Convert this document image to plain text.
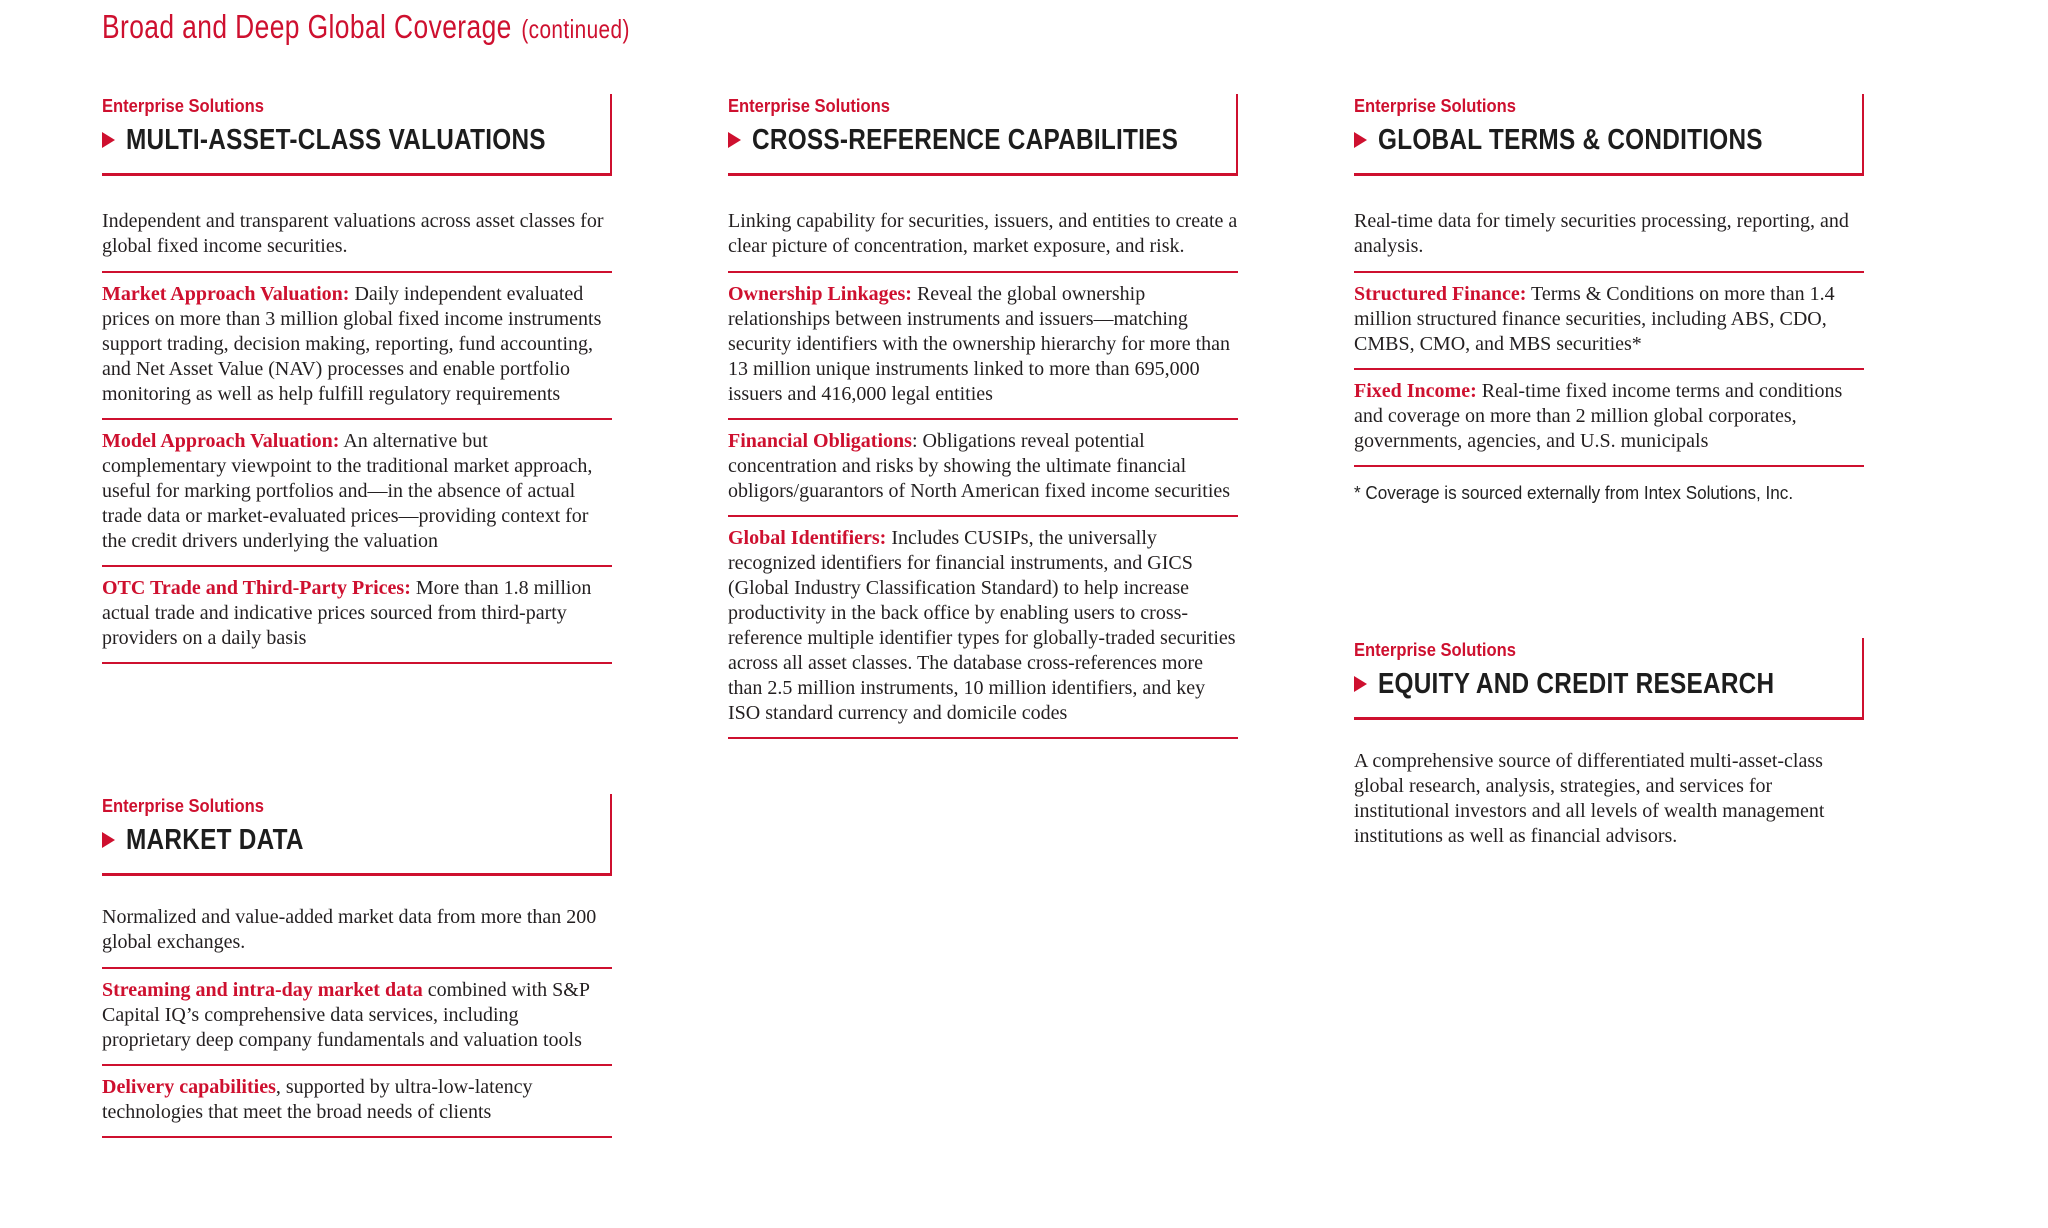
Broad and Deep Global Coverage (continued)
Enterprise Solutions
MULTI-ASSET-CLASS VALUATIONS
Independent and transparent valuations across asset classes for global fixed income securities.
Market Approach Valuation: Daily independent evaluated prices on more than 3 million global fixed income instruments support trading, decision making, reporting, fund accounting, and Net Asset Value (NAV) processes and enable portfolio monitoring as well as help fulfill regulatory requirements
Model Approach Valuation: An alternative but complementary viewpoint to the traditional market approach, useful for marking portfolios and—in the absence of actual trade data or market-evaluated prices—providing context for the credit drivers underlying the valuation
OTC Trade and Third-Party Prices: More than 1.8 million actual trade and indicative prices sourced from third-party providers on a daily basis
Enterprise Solutions
MARKET DATA
Normalized and value-added market data from more than 200 global exchanges.
Streaming and intra-day market data combined with S&P Capital IQ’s comprehensive data services, including proprietary deep company fundamentals and valuation tools
Delivery capabilities, supported by ultra-low-latency technologies that meet the broad needs of clients
Enterprise Solutions
CROSS-REFERENCE CAPABILITIES
Linking capability for securities, issuers, and entities to create a clear picture of concentration, market exposure, and risk.
Ownership Linkages: Reveal the global ownership relationships between instruments and issuers—matching security identifiers with the ownership hierarchy for more than 13 million unique instruments linked to more than 695,000 issuers and 416,000 legal entities
Financial Obligations: Obligations reveal potential concentration and risks by showing the ultimate financial obligors/guarantors of North American fixed income securities
Global Identifiers: Includes CUSIPs, the universally recognized identifiers for financial instruments, and GICS (Global Industry Classification Standard) to help increase productivity in the back office by enabling users to cross-reference multiple identifier types for globally-traded securities across all asset classes. The database cross-references more than 2.5 million instruments, 10 million identifiers, and key ISO standard currency and domicile codes
Enterprise Solutions
GLOBAL TERMS & CONDITIONS
Real-time data for timely securities processing, reporting, and analysis.
Structured Finance: Terms & Conditions on more than 1.4 million structured finance securities, including ABS, CDO, CMBS, CMO, and MBS securities*
Fixed Income: Real-time fixed income terms and conditions and coverage on more than 2 million global corporates, governments, agencies, and U.S. municipals
* Coverage is sourced externally from Intex Solutions, Inc.
Enterprise Solutions
EQUITY AND CREDIT RESEARCH
A comprehensive source of differentiated multi-asset-class global research, analysis, strategies, and services for institutional investors and all levels of wealth management institutions as well as financial advisors.
